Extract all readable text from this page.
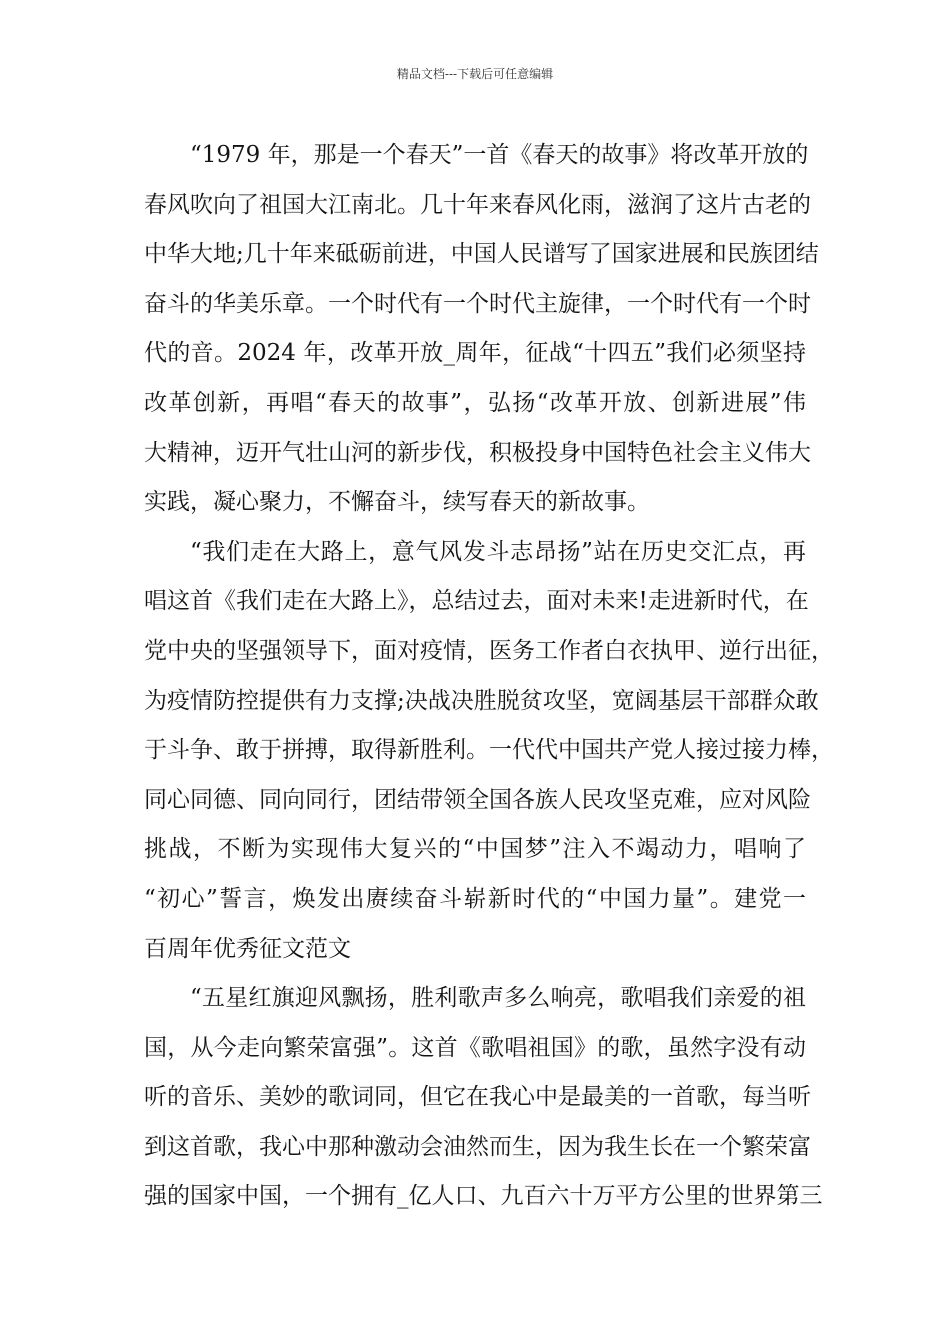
精品文档---下载后可任意编辑
“1979 年，那是一个春天”一首《春天的故事》将改革开放的
春风吹向了祖国大江南北。几十年来春风化雨，滋润了这片古老的
中华大地;几十年来砥砺前进，中国人民谱写了国家进展和民族团结
奋斗的华美乐章。一个时代有一个时代主旋律，一个时代有一个时
代的音。2024 年，改革开放_周年，征战“十四五”我们必须坚持
改革创新，再唱“春天的故事”，弘扬“改革开放、创新进展”伟
大精神，迈开气壮山河的新步伐，积极投身中国特色社会主义伟大
实践，凝心聚力，不懈奋斗，续写春天的新故事。
“我们走在大路上，意气风发斗志昂扬”站在历史交汇点，再
唱这首《我们走在大路上》，总结过去，面对未来!走进新时代，在
党中央的坚强领导下，面对疫情，医务工作者白衣执甲、逆行出征，
为疫情防控提供有力支撑;决战决胜脱贫攻坚，宽阔基层干部群众敢
于斗争、敢于拼搏，取得新胜利。一代代中国共产党人接过接力棒，
同心同德、同向同行，团结带领全国各族人民攻坚克难，应对风险
挑战，不断为实现伟大复兴的“中国梦”注入不竭动力，唱响了
“初心”誓言，焕发出赓续奋斗崭新时代的“中国力量”。建党一
百周年优秀征文范文
“五星红旗迎风飘扬，胜利歌声多么响亮，歌唱我们亲爱的祖
国，从今走向繁荣富强”。这首《歌唱祖国》的歌，虽然字没有动
听的音乐、美妙的歌词同，但它在我心中是最美的一首歌，每当听
到这首歌，我心中那种激动会油然而生，因为我生长在一个繁荣富
强的国家中国，一个拥有_亿人口、九百六十万平方公里的世界第三
